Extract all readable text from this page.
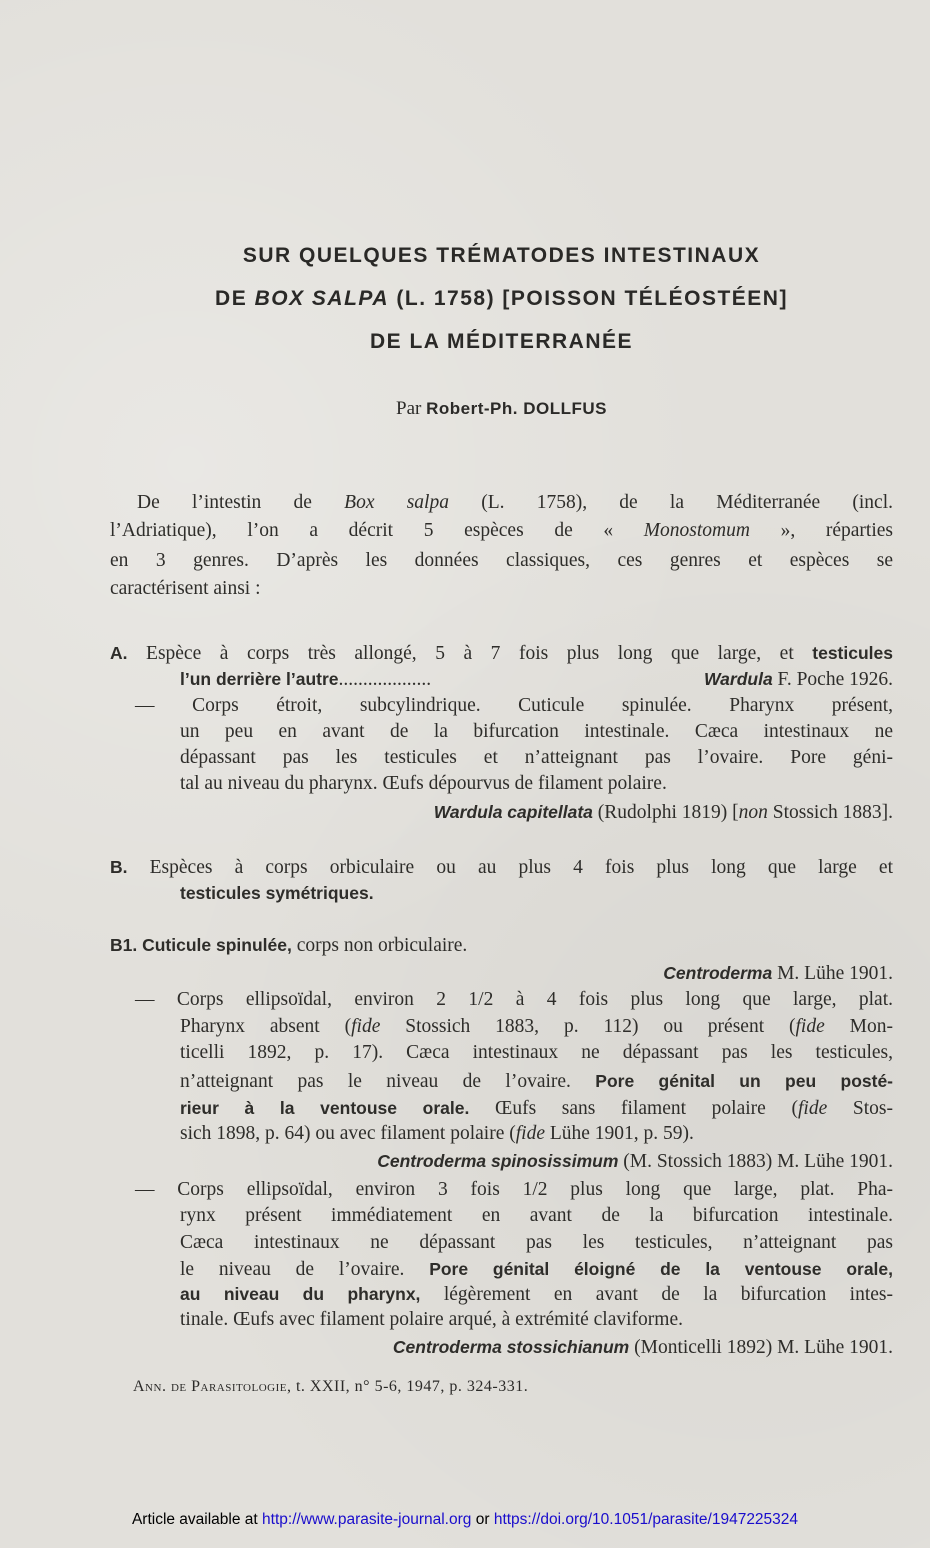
SUR QUELQUES TRÉMATODES INTESTINAUX
DE BOX SALPA (L. 1758) [POISSON TÉLÉOSTÉEN]
DE LA MÉDITERRANÉE
Par Robert-Ph. DOLLFUS
De l’intestin de Box salpa (L. 1758), de la Méditerranée (incl.
l’Adriatique), l’on a décrit 5 espèces de « Monostomum », réparties
en 3 genres. D’après les données classiques, ces genres et espèces se
caractérisent ainsi :
A. Espèce à corps très allongé, 5 à 7 fois plus long que large, et testicules
l’un derrière l’autre...................	Wardula F. Poche 1926.
— Corps étroit, subcylindrique. Cuticule spinulée. Pharynx présent,
un peu en avant de la bifurcation intestinale. Cæca intestinaux ne
dépassant pas les testicules et n’atteignant pas l’ovaire. Pore géni-
tal au niveau du pharynx. Œufs dépourvus de filament polaire.
Wardula capitellata (Rudolphi 1819) [non Stossich 1883].
B. Espèces à corps orbiculaire ou au plus 4 fois plus long que large et
testicules symétriques.
B1. Cuticule spinulée, corps non orbiculaire.
Centroderma M. Lühe 1901.
— Corps ellipsoïdal, environ 2 1/2 à 4 fois plus long que large, plat.
Pharynx absent (fide Stossich 1883, p. 112) ou présent (fide Mon-
ticelli 1892, p. 17). Cæca intestinaux ne dépassant pas les testicules,
n’atteignant pas le niveau de l’ovaire. Pore génital un peu posté-
rieur à la ventouse orale. Œufs sans filament polaire (fide Stos-
sich 1898, p. 64) ou avec filament polaire (fide Lühe 1901, p. 59).
Centroderma spinosissimum (M. Stossich 1883) M. Lühe 1901.
— Corps ellipsoïdal, environ 3 fois 1/2 plus long que large, plat. Pha-
rynx présent immédiatement en avant de la bifurcation intestinale.
Cæca intestinaux ne dépassant pas les testicules, n’atteignant pas
le niveau de l’ovaire. Pore génital éloigné de la ventouse orale,
au niveau du pharynx, légèrement en avant de la bifurcation intes-
tinale. Œufs avec filament polaire arqué, à extrémité claviforme.
Centroderma stossichianum (Monticelli 1892) M. Lühe 1901.
Ann. de Parasitologie, t. XXII, n° 5-6, 1947, p. 324-331.
Article available at http://www.parasite-journal.org or https://doi.org/10.1051/parasite/1947225324
